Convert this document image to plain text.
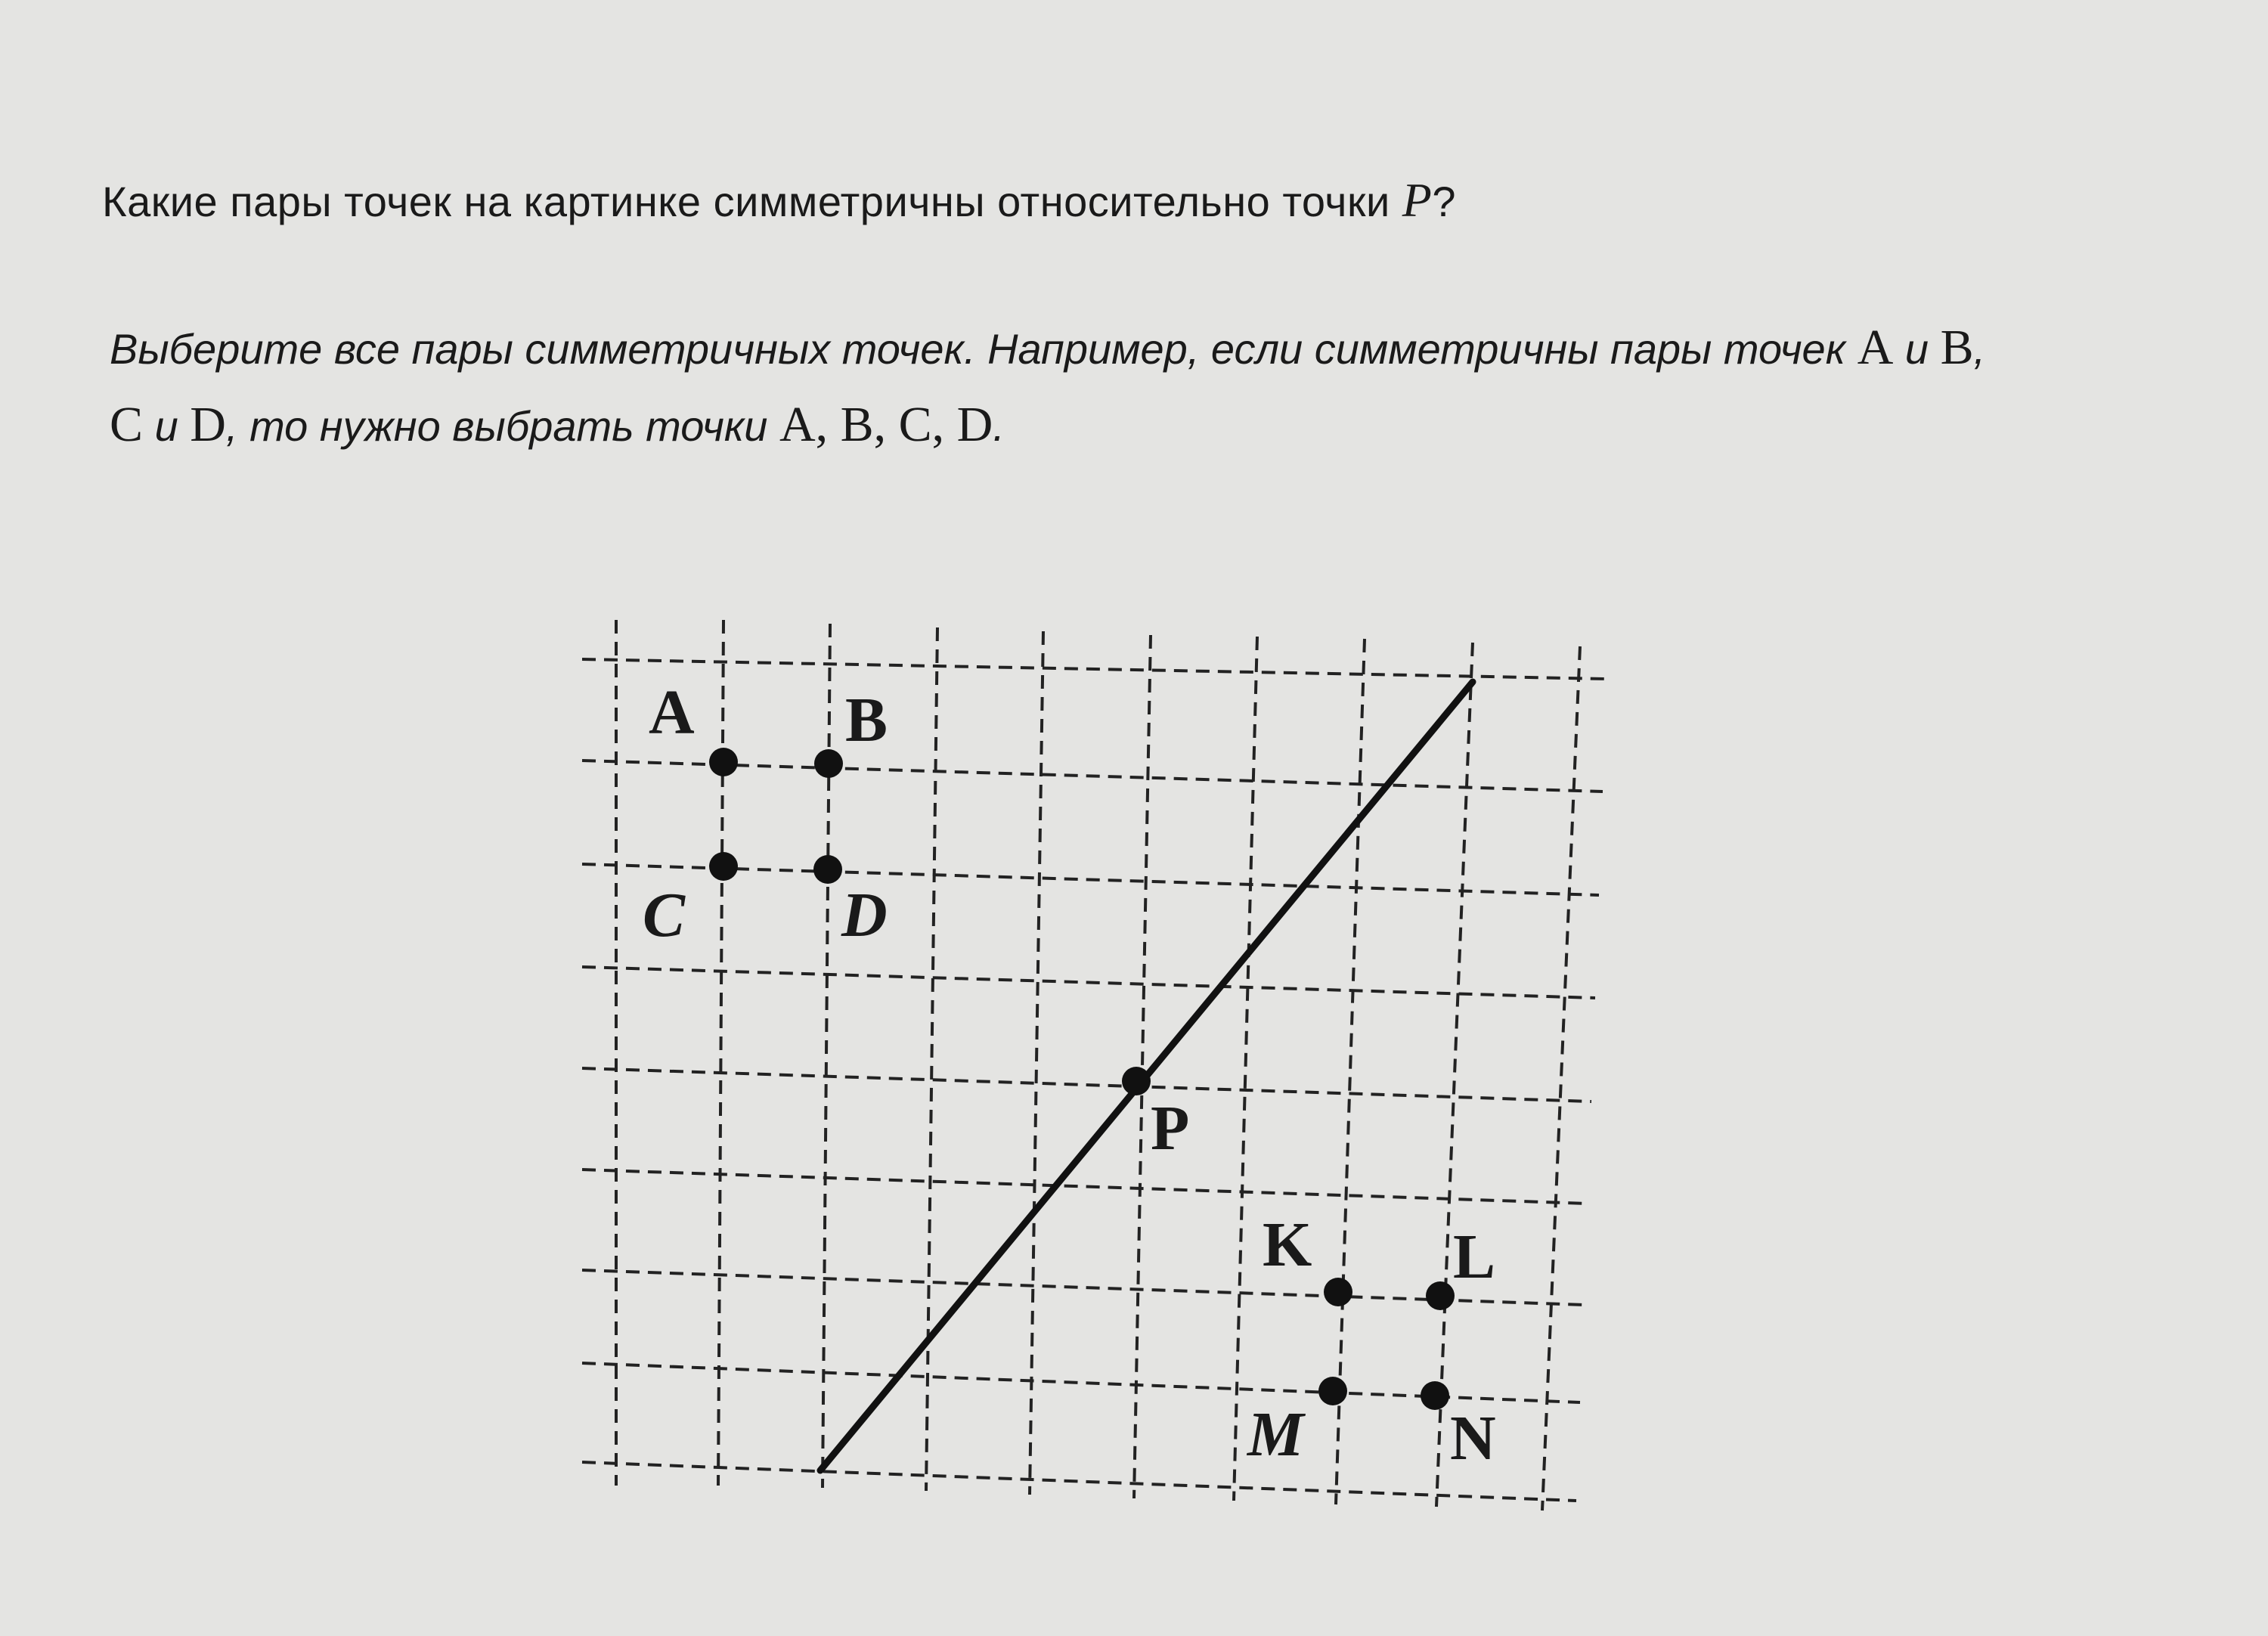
Какие пары точек на картинке симметричны относительно точки P?
Выберите все пары симметричных точек. Например, если симметричны пары точек A и B,
C и D, то нужно выбрать точки A, B, C, D.
A B
C D
P
K L
M N
